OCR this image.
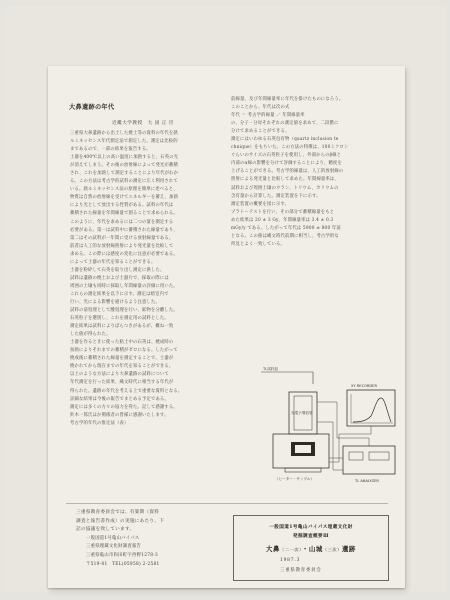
大鼻遺跡の年代
近畿大学教授　大 国 正 臣

三重県大鼻遺跡から出土した焼土等の資料の年代を熱

ルミネッセンス年代測定法で測定した。測定は比較的

まであるので、一部の結果を報告する。

土器を400℃以上の高い温度に加熱すると、石英の光

が消えてしまう。その後の放射線によって発光が蓄積

され、これを加熱して測定することにより年代がわか

る。この方法は考古学的試料の測定に広く利用されて

いる。熱ルミネッセンス法の原理を簡単に述べると、

物質は自然の放射線を受けてエネルギーを蓄え、加熱

により光として放出する性質がある。試料の年代は

蓄積された線量を年間線量で割ることで求められる。

このように、年代を求めるには二つの量を測定する

必要がある。第一は試料中に蓄積された線量であり、

第二はその試料が一年間に受ける放射線量である。

前者は人工的な放射線照射により発光量を比較して

求める。この際には感度の変化に注意が必要である。

によって土器の年代を知ることができる。

土器を粉砕して石英を取り出し測定に供した。

試料は遺跡の焼土および土器片で、採取の際には

周囲の土壌も同時に採取し年間線量の評価に用いた。

これらの測定結果を以下に示す。測定は暗室内で

行い、光による影響を避けるよう注意した。

試料の前処理として酸処理を行い、鉱物を分離した。

石英粒子を選別し、これを測定用の試料とした。

測定結果は試料によりばらつきがあるが、概ね一致

した値が得られた。

土器を作るときに使った粘土中の石英は、焼成時の

加熱によりそれまでの蓄積がゼロになる。したがって

焼成後に蓄積された線量を測定することで、土器が

焼かれてから現在までの年代を知ることができる。

以上のような方法により大鼻遺跡の試料について

年代測定を行った結果、縄文時代に相当する年代が

得られた。遺跡の年代を考える上で重要な資料となる。

詳細な結果は今後の報告でまとめる予定である。

測定には多くの方々の協力を得た。記して感謝する。

鈴木一郎氏ほか関係者の皆様に感謝いたします。

考古学的年代の推定法（表）

前線量、及び年間線量率に年代を掛けたものになろう。

このことから、年代は次の式

年代 ＝ 考古学的線量 ／ 年間線量率

の、分子・分母それぞれの測定値を求めて、二段階に

分けて求めることができる。

測定にはいわゆる石英包有物（quartz inclusion te

chnique）をもちいた。この方法の特徴は、100ミクロン

ぐらいのサイズの石英粒子を使用し、外部からのβ線と

内部のα線の影響を分けて評価することにより、精度を

上げることができる。考古学的線量は、人工的放射線の

照射による発光量と比較して求めた。年間線量率は、

試料および周囲土壌のウラン、トリウム、カリウムの

含有量から計算した。測定装置を下に示す。

測定装置の概要を図に示す。

プラトーテストを行い、その部分で蓄積線量をもと

めた結果は 20 ± 3 Gy、年間線量率は 3.4 ± 0.3

mGy/y である。したがって年代は 5900 ± 800 年前

となる。この値は縄文時代前期に相当し、考古学的な

所見とよく一致している。

TL試料皿
光電子増倍管
（ヒーター・サンプル）
XY RECORDER
TL ANALYZER

三重県教育委員会では、有楽期（資料

調査と報告書作成）の実施にあたり、下

記の協議を致しています。

一般国道1号亀山バイパス

三重県埋蔵文化財調査報告

三重県亀山市和田町字西野1278-3

〒519-01　TEL(05958) 2-2581

一般国道1号亀山バイパス埋蔵文化財
発掘調査概要Ⅲ
大鼻（二一次）・山城（三次）遺跡
1987.3
三重県教育委員会
